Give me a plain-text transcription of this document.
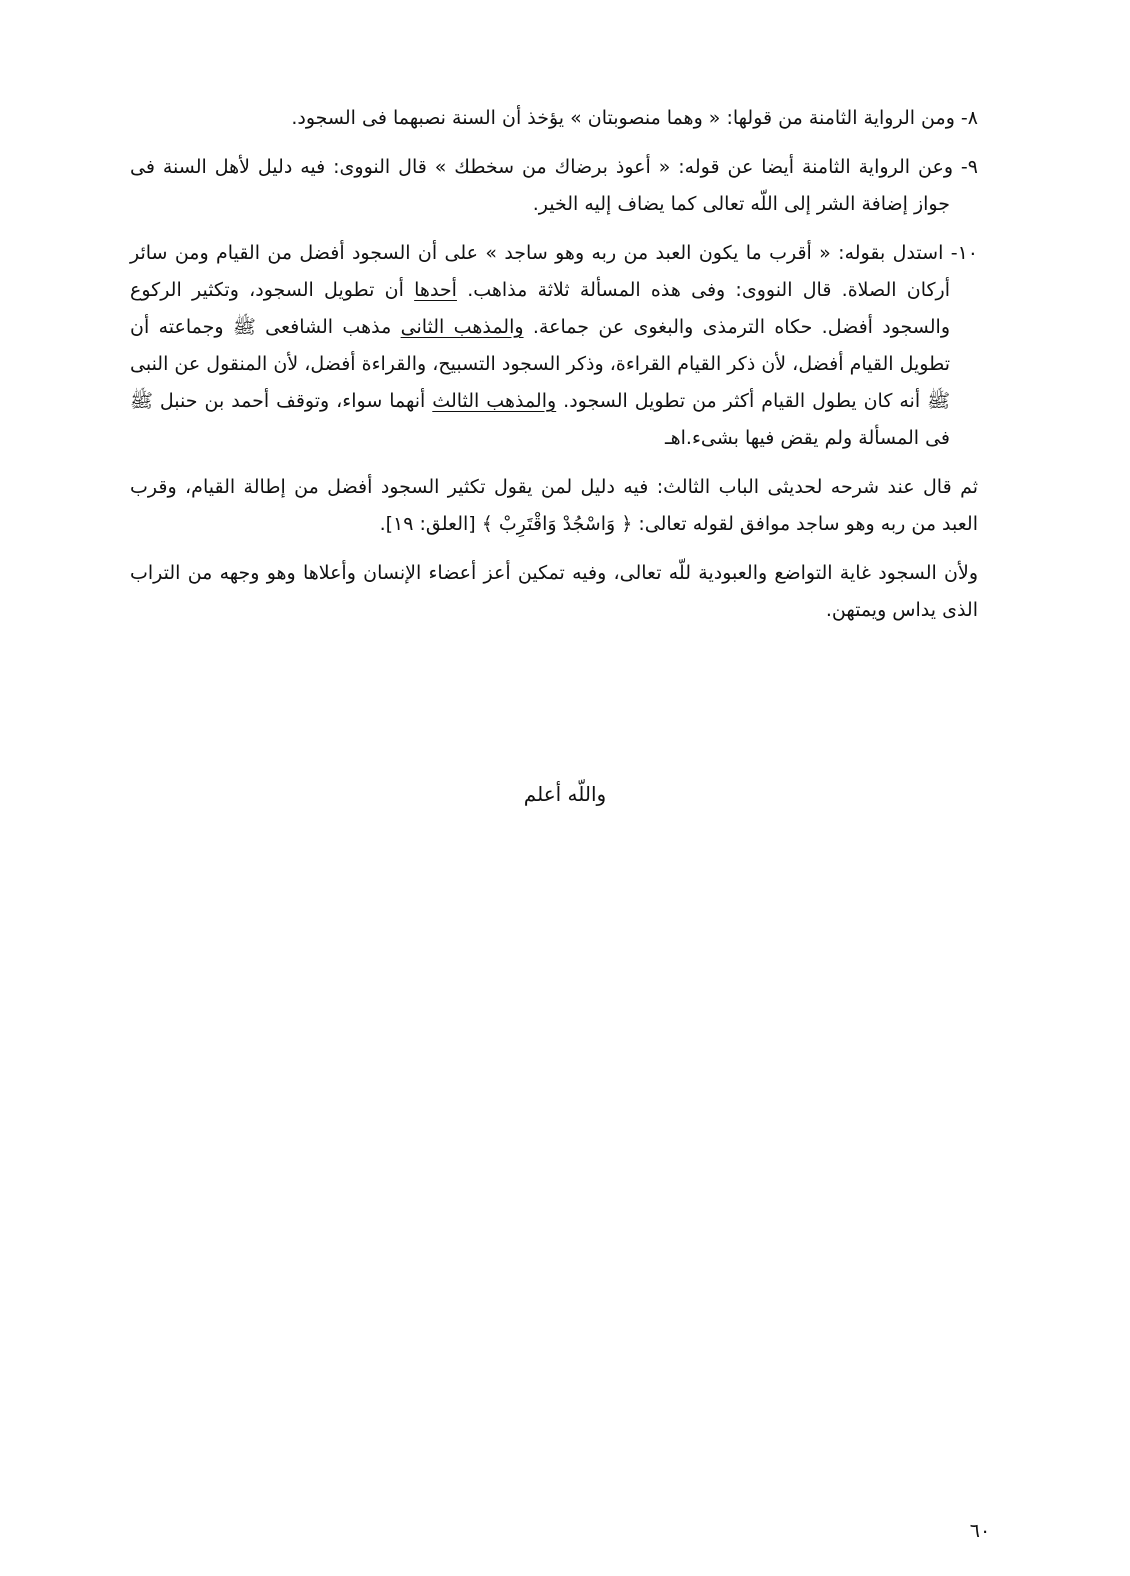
٨- ومن الرواية الثامنة من قولها: « وهما منصوبتان » يؤخذ أن السنة نصبهما فى السجود.

٩- وعن الرواية الثامنة أيضا عن قوله: « أعوذ برضاك من سخطك » قال النووى: فيه دليل لأهل السنة فى جواز إضافة الشر إلى اللّه تعالى كما يضاف إليه الخير.

١٠- استدل بقوله: « أقرب ما يكون العبد من ربه وهو ساجد » على أن السجود أفضل من القيام ومن سائر أركان الصلاة. قال النووى: وفى هذه المسألة ثلاثة مذاهب. أحدها أن تطويل السجود، وتكثير الركوع والسجود أفضل. حكاه الترمذى والبغوى عن جماعة. والمذهب الثانى مذهب الشافعى ﷺ وجماعته أن تطويل القيام أفضل، لأن ذكر القيام القراءة، وذكر السجود التسبيح، والقراءة أفضل، لأن المنقول عن النبى ﷺ أنه كان يطول القيام أكثر من تطويل السجود. والمذهب الثالث أنهما سواء، وتوقف أحمد بن حنبل ﷺ فى المسألة ولم يقض فيها بشىء.اهـ

ثم قال عند شرحه لحديثى الباب الثالث: فيه دليل لمن يقول تكثير السجود أفضل من إطالة القيام، وقرب العبد من ربه وهو ساجد موافق لقوله تعالى: ﴿ وَاسْجُدْ وَاقْتَرِبْ ﴾ [العلق: ١٩].

ولأن السجود غاية التواضع والعبودية للّه تعالى، وفيه تمكين أعز أعضاء الإنسان وأعلاها وهو وجهه من التراب الذى يداس ويمتهن.

واللّه أعلم
٦٠
